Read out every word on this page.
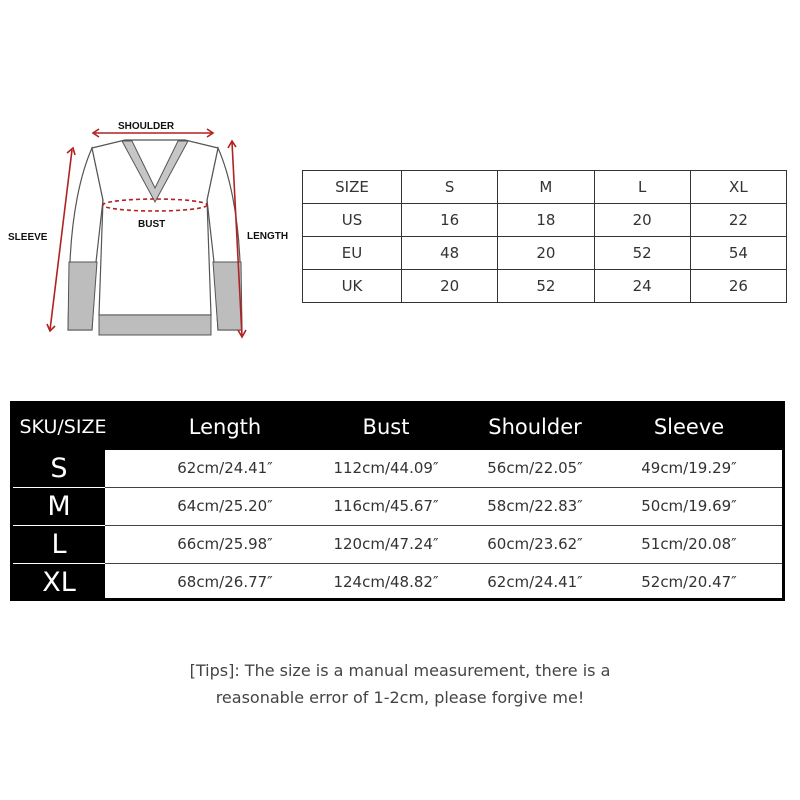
SHOULDER
BUST
LENGTH
SLEEVE
SIZE	S	M	L	XL
US	16	18	20	22
EU	48	20	52	54
UK	20	52	24	26
SKU/SIZE	Length	Bust	Shoulder	Sleeve
S	62cm/24.41″	112cm/44.09″	56cm/22.05″	49cm/19.29″
M	64cm/25.20″	116cm/45.67″	58cm/22.83″	50cm/19.69″
L	66cm/25.98″	120cm/47.24″	60cm/23.62″	51cm/20.08″
XL	68cm/26.77″	124cm/48.82″	62cm/24.41″	52cm/20.47″
[Tips]: The size is a manual measurement, there is a
reasonable error of 1-2cm, please forgive me!
